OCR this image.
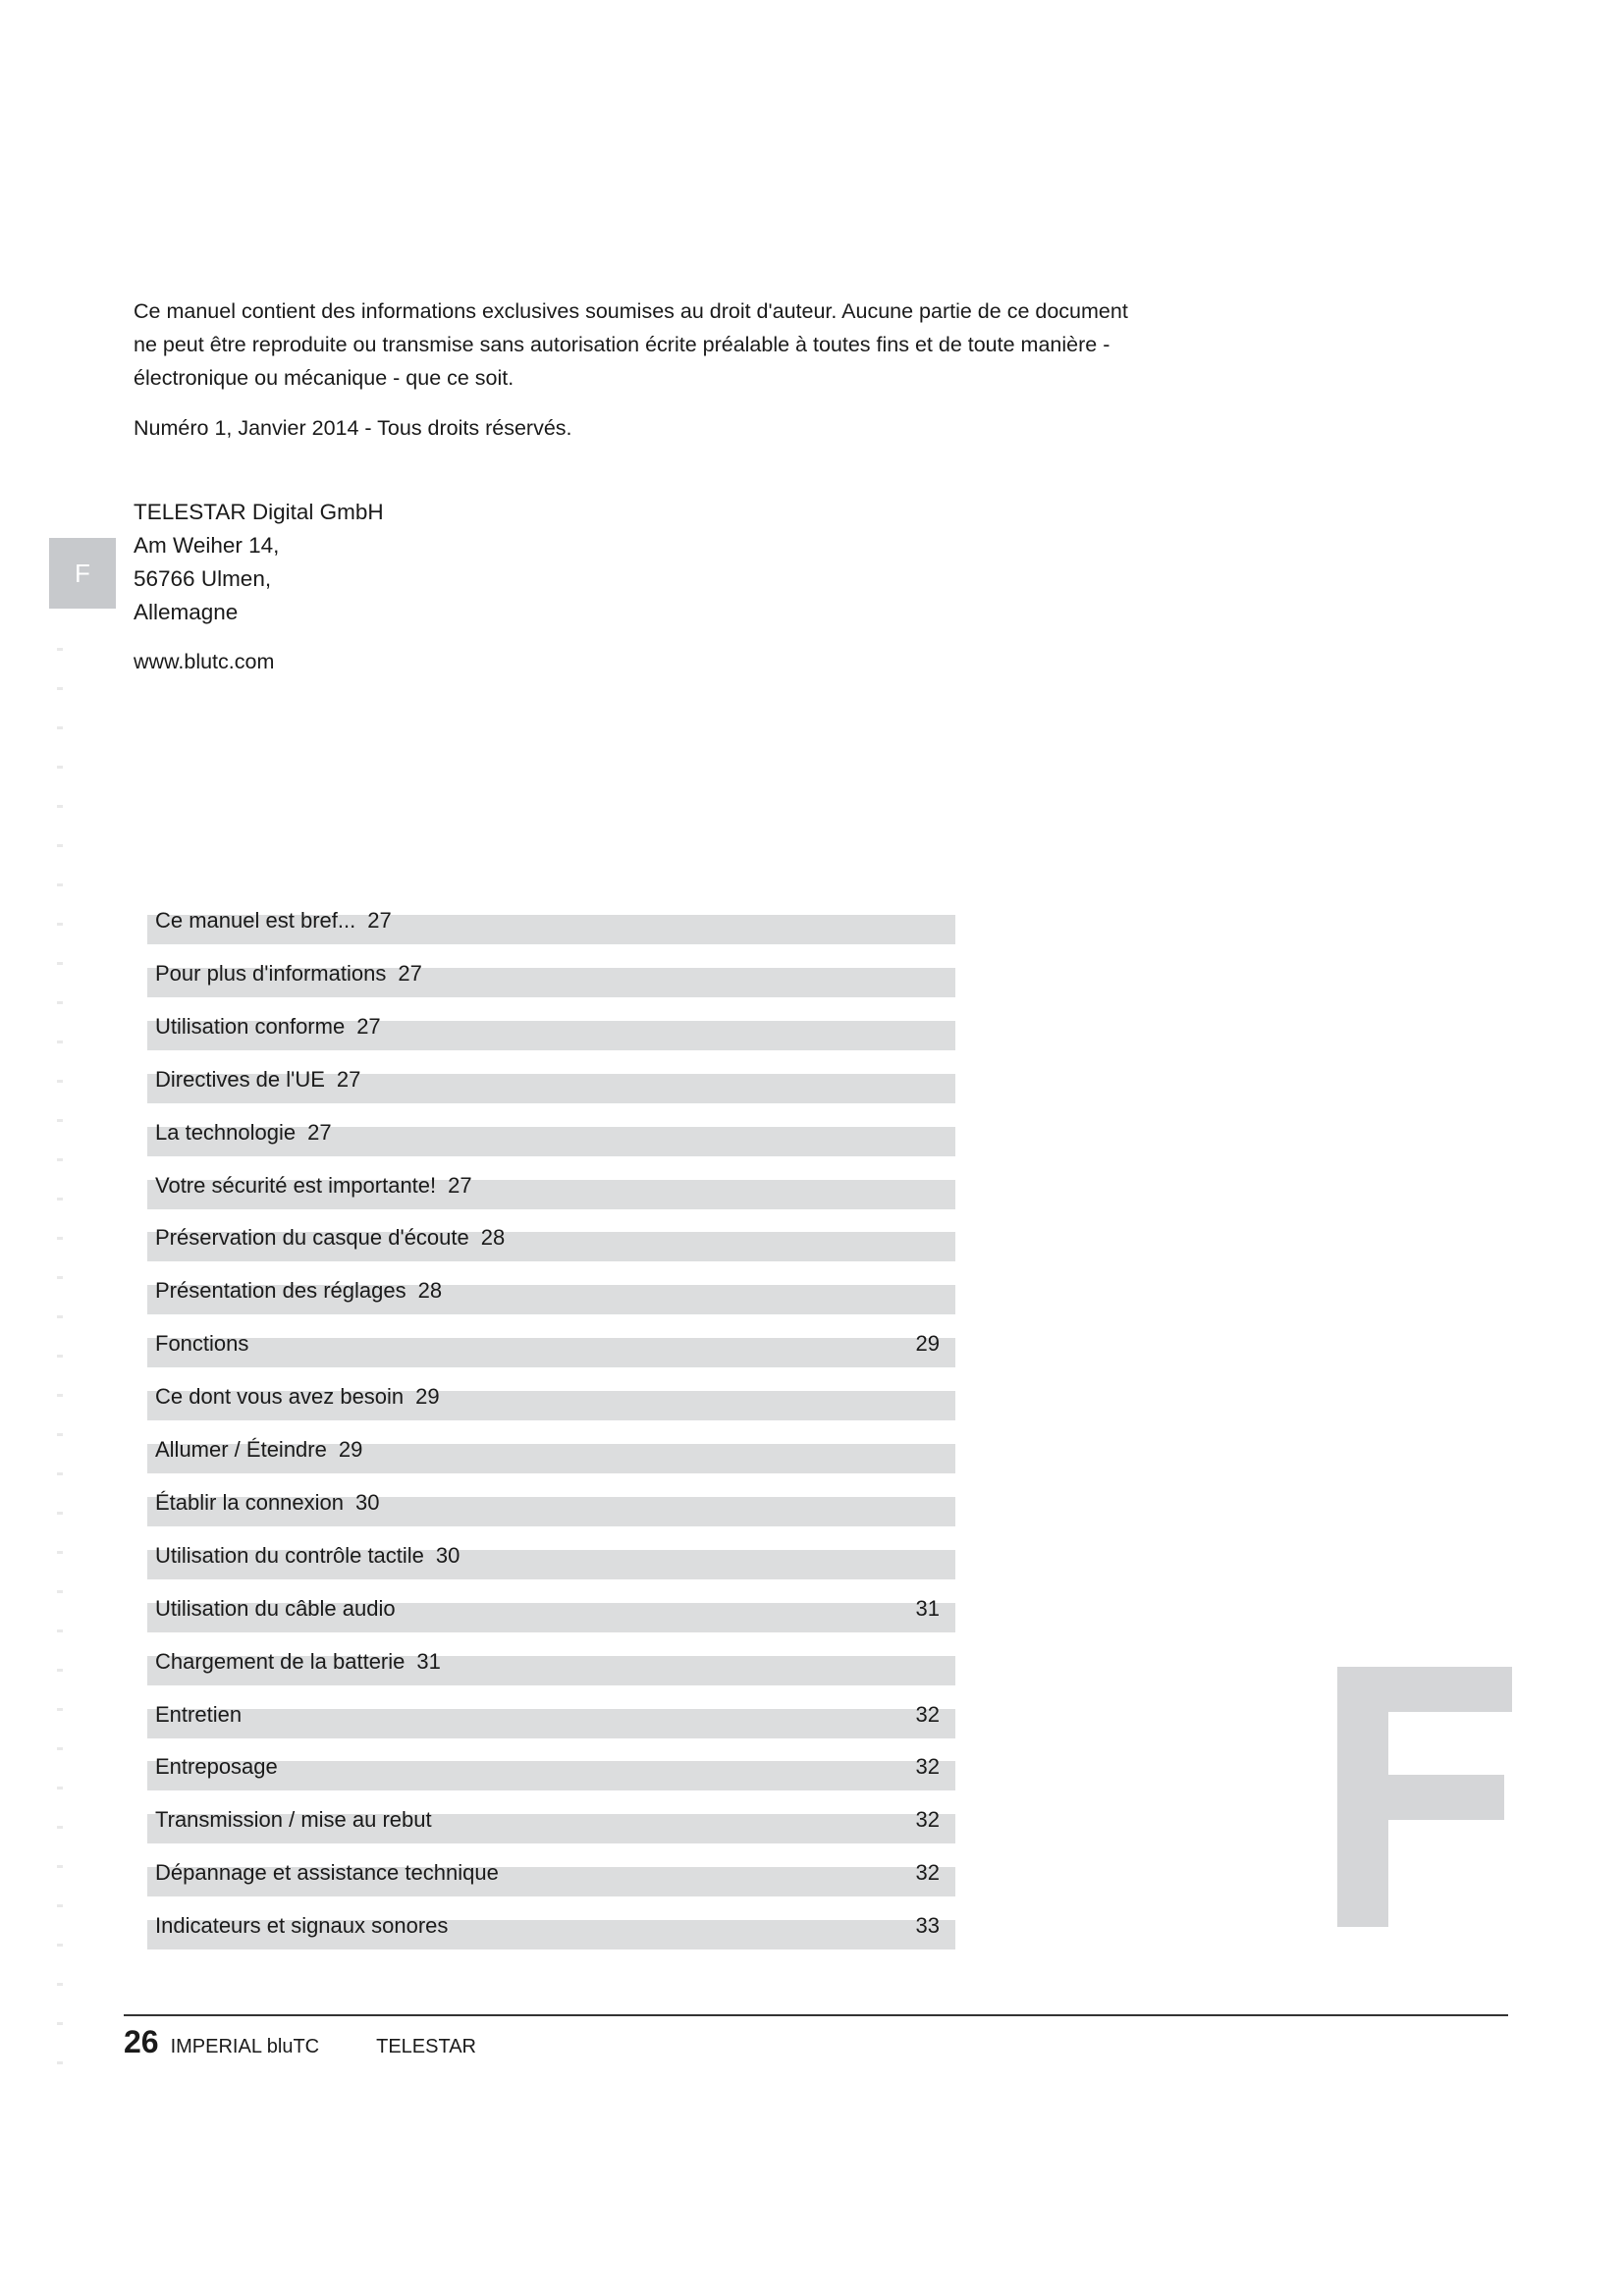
Ce manuel contient des informations exclusives soumises au droit d'auteur. Aucune partie de ce document

ne peut être reproduite ou transmise sans autorisation écrite préalable à toutes fins et de toute manière -

électronique ou mécanique - que ce soit.

Numéro 1, Janvier 2014 - Tous droits réservés.
F
TELESTAR Digital GmbH
Am Weiher 14,
56766 Ulmen,
Allemagne
www.blutc.com
Ce manuel est bref... 27
Pour plus d'informations 27
Utilisation conforme 27
Directives de l'UE 27
La technologie 27
Votre sécurité est importante! 27
Préservation du casque d'écoute 28
Présentation des réglages 28
Fonctions	29
Ce dont vous avez besoin 29
Allumer / Éteindre 29
Établir la connexion 30
Utilisation du contrôle tactile 30
Utilisation du câble audio	31
Chargement de la batterie 31
Entretien	32
Entreposage	32
Transmission / mise au rebut	32
Dépannage et assistance technique	32
Indicateurs et signaux sonores	33
26 IMPERIAL bluTC	TELESTAR
